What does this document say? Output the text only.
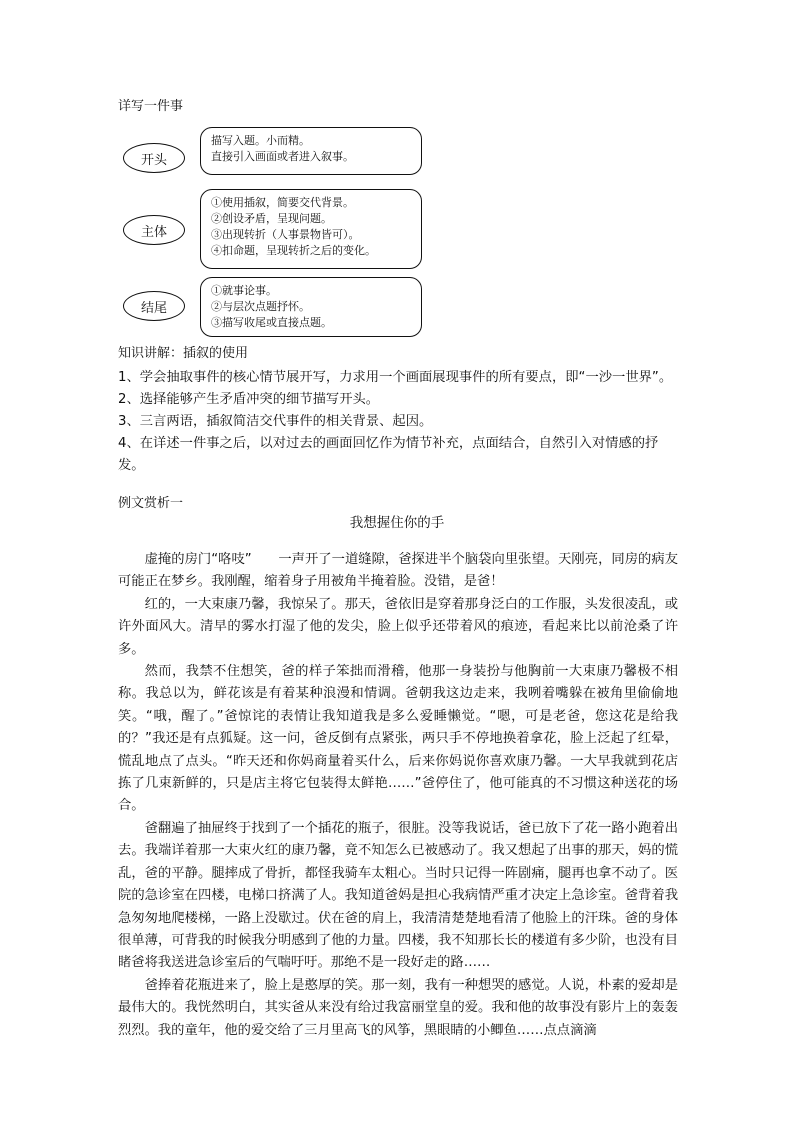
详写一件事
开头
描写入题。小而精。
直接引入画面或者进入叙事。
主体
①使用插叙，简要交代背景。
②创设矛盾，呈现问题。
③出现转折（人事景物皆可）。
④扣命题，呈现转折之后的变化。
结尾
①就事论事。
②与层次点题抒怀。
③描写收尾或直接点题。
知识讲解：插叙的使用

1、学会抽取事件的核心情节展开写，力求用一个画面展现事件的所有要点，即“一沙一世界”。

2、选择能够产生矛盾冲突的细节描写开头。

3、三言两语，插叙简洁交代事件的相关背景、起因。

4、在详述一件事之后，以对过去的画面回忆作为情节补充，点面结合，自然引入对情感的抒发。

例文赏析一
我想握住你的手

虚掩的房门“咯吱”　　一声开了一道缝隙，爸探进半个脑袋向里张望。天刚亮，同房的病友可能正在梦乡。我刚醒，缩着身子用被角半掩着脸。没错，是爸！

红的，一大束康乃馨，我惊呆了。那天，爸依旧是穿着那身泛白的工作服，头发很凌乱，或许外面风大。清早的雾水打湿了他的发尖，脸上似乎还带着风的痕迹，看起来比以前沧桑了许多。

然而，我禁不住想笑，爸的样子笨拙而滑稽，他那一身装扮与他胸前一大束康乃馨极不相称。我总以为，鲜花该是有着某种浪漫和情调。爸朝我这边走来，我咧着嘴躲在被角里偷偷地笑。“哦，醒了。”爸惊诧的表情让我知道我是多么爱睡懒觉。“嗯，可是老爸，您这花是给我的？”我还是有点狐疑。这一问，爸反倒有点紧张，两只手不停地换着拿花，脸上泛起了红晕，慌乱地点了点头。“昨天还和你妈商量着买什么，后来你妈说你喜欢康乃馨。一大早我就到花店拣了几束新鲜的，只是店主将它包装得太鲜艳……”爸停住了，他可能真的不习惯这种送花的场合。

爸翻遍了抽屉终于找到了一个插花的瓶子，很脏。没等我说话，爸已放下了花一路小跑着出去。我端详着那一大束火红的康乃馨，竟不知怎么已被感动了。我又想起了出事的那天，妈的慌乱，爸的平静。腿摔成了骨折，都怪我骑车太粗心。当时只记得一阵剧痛，腿再也拿不动了。医院的急诊室在四楼，电梯口挤满了人。我知道爸妈是担心我病情严重才决定上急诊室。爸背着我急匆匆地爬楼梯，一路上没歇过。伏在爸的肩上，我清清楚楚地看清了他脸上的汗珠。爸的身体很单薄，可背我的时候我分明感到了他的力量。四楼，我不知那长长的楼道有多少阶，也没有目睹爸将我送进急诊室后的气喘吁吁。那绝不是一段好走的路……

爸捧着花瓶进来了，脸上是憨厚的笑。那一刻，我有一种想哭的感觉。人说，朴素的爱却是最伟大的。我恍然明白，其实爸从来没有给过我富丽堂皇的爱。我和他的故事没有影片上的轰轰烈烈。我的童年，他的爱交给了三月里高飞的风筝，黑眼睛的小鲫鱼……点点滴滴
